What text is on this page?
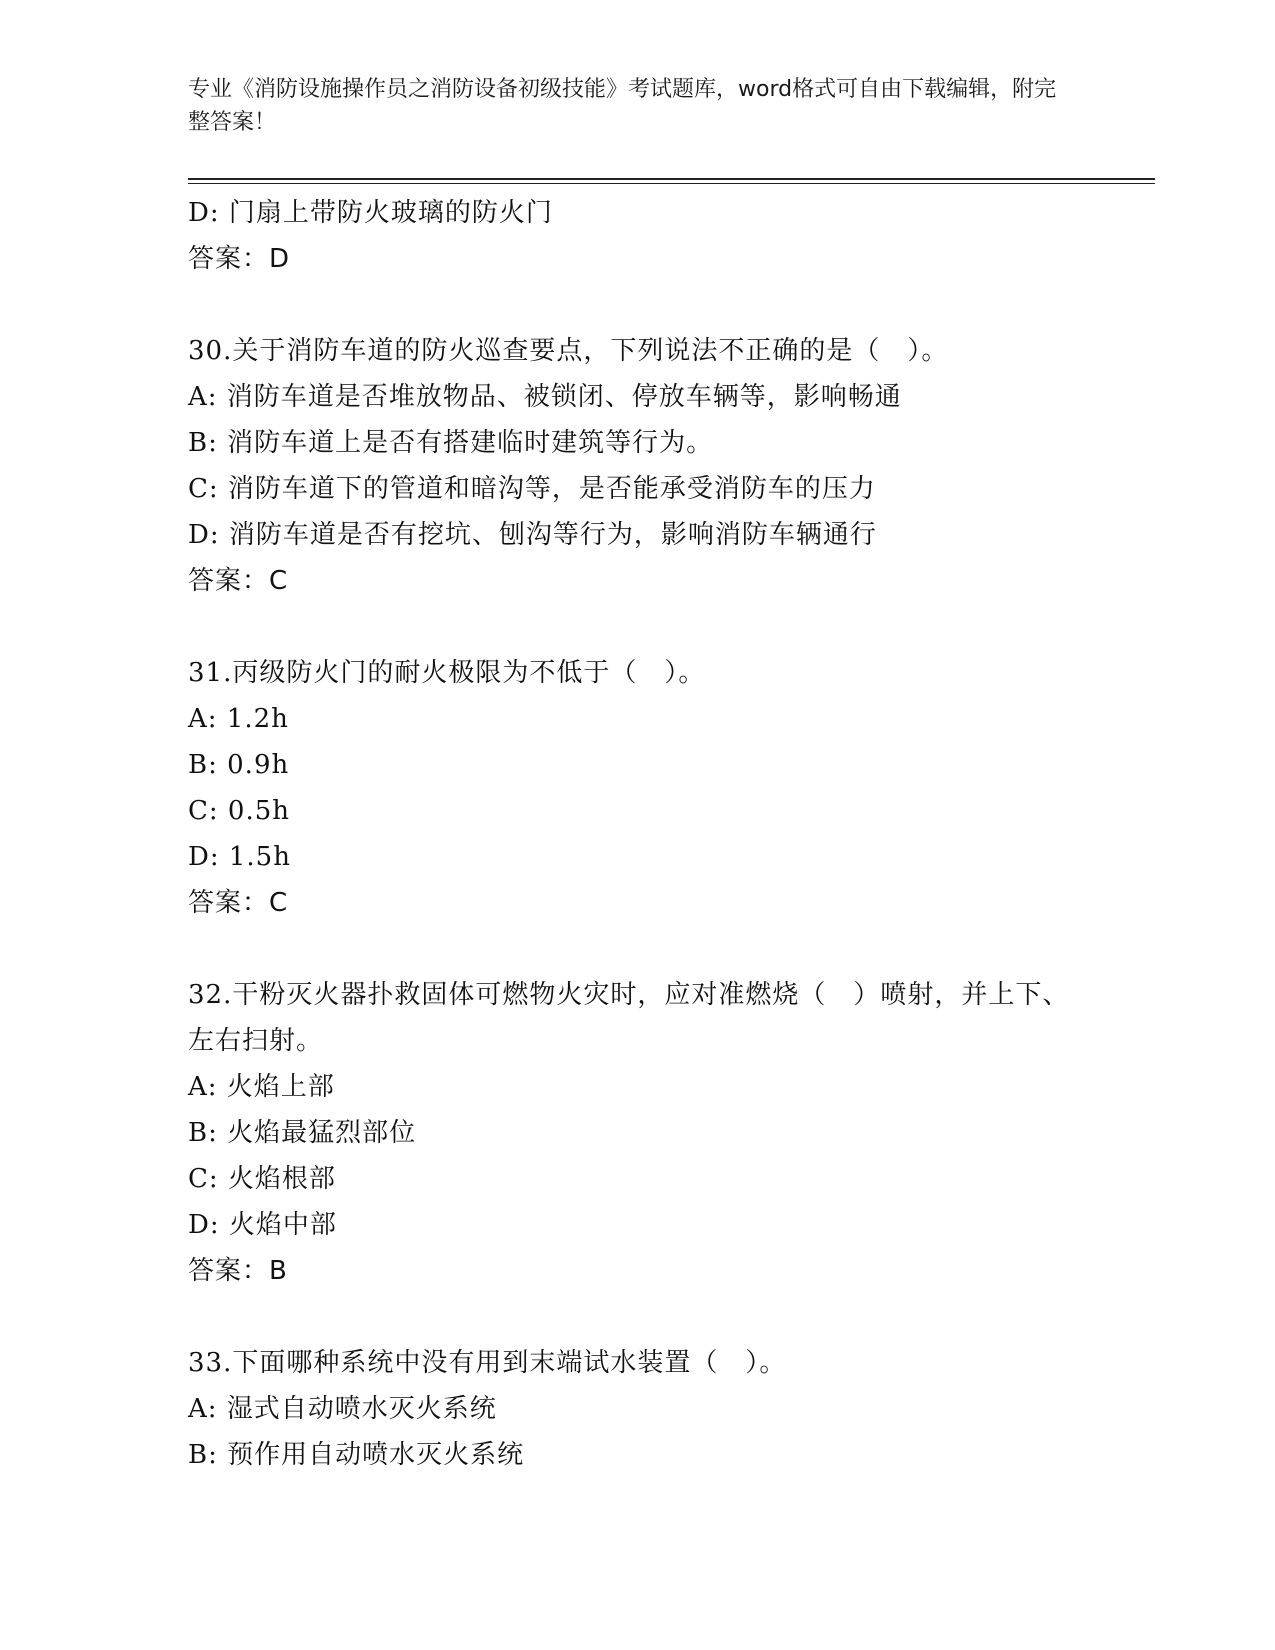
专业《消防设施操作员之消防设备初级技能》考试题库，word格式可自由下载编辑，附完整答案！
D: 门扇上带防火玻璃的防火门
答案：D
30.关于消防车道的防火巡查要点，下列说法不正确的是（　）。
A: 消防车道是否堆放物品、被锁闭、停放车辆等，影响畅通
B: 消防车道上是否有搭建临时建筑等行为。
C: 消防车道下的管道和暗沟等，是否能承受消防车的压力
D: 消防车道是否有挖坑、刨沟等行为，影响消防车辆通行
答案：C
31.丙级防火门的耐火极限为不低于（　）。
A: 1.2h
B: 0.9h
C: 0.5h
D: 1.5h
答案：C
32.干粉灭火器扑救固体可燃物火灾时，应对准燃烧（　）喷射，并上下、左右扫射。
A: 火焰上部
B: 火焰最猛烈部位
C: 火焰根部
D: 火焰中部
答案：B
33.下面哪种系统中没有用到末端试水装置（　）。
A: 湿式自动喷水灭火系统
B: 预作用自动喷水灭火系统
